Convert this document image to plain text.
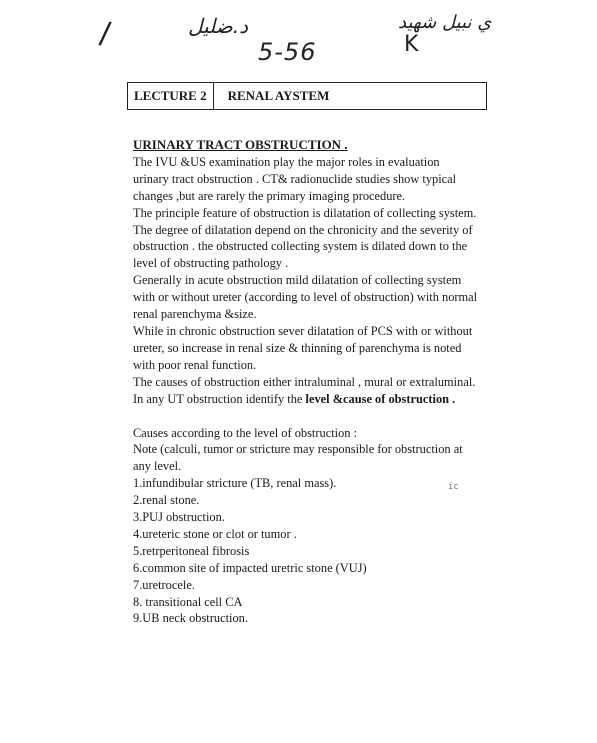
/	د.ضليل
5-56
ي نبيل شهيد
K
LECTURE 2	RENAL AYSTEM
URINARY TRACT OBSTRUCTION .

The IVU &US examination play the major roles in evaluation

urinary tract obstruction . CT& radionuclide studies show typical

changes ,but are rarely the primary imaging procedure.

The principle feature of obstruction is dilatation of collecting system.

The degree of dilatation depend on the chronicity and the severity of

obstruction . the obstructed collecting system is dilated down to the

level of obstructing pathology .

Generally in acute obstruction mild dilatation of collecting system

with or without ureter (according to level of obstruction) with normal

renal parenchyma &size.

While in chronic obstruction sever dilatation of PCS with or without

ureter, so increase in renal size & thinning of parenchyma is noted

with poor renal function.

The causes of obstruction either intraluminal , mural or extraluminal.

In any UT obstruction identify the level &cause of obstruction .

Causes according to the level of obstruction :

Note (calculi, tumor or stricture may responsible for obstruction at

any level.

1.infundibular stricture (TB, renal mass).

2.renal stone.

3.PUJ obstruction.

4.ureteric stone or clot or tumor .

5.retrperitoneal fibrosis

6.common site of impacted uretric stone (VUJ)

7.uretrocele.

8. transitional cell CA

9.UB neck obstruction.

ic
